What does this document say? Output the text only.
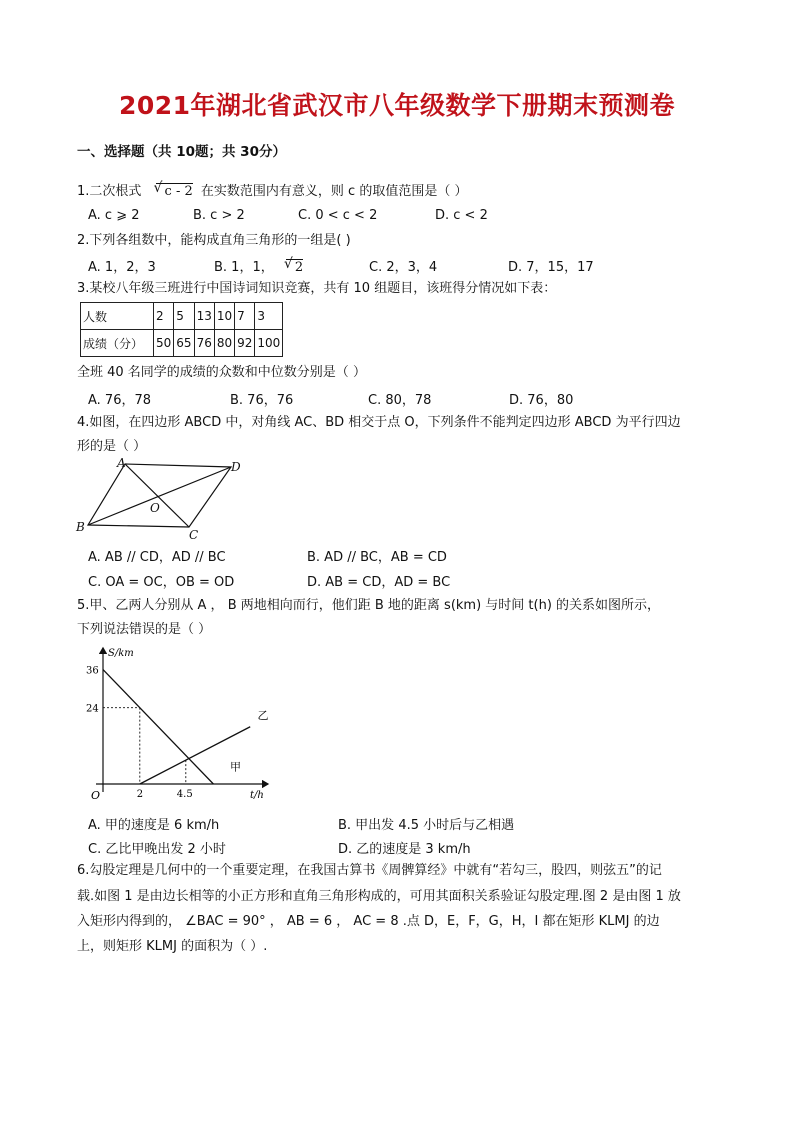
2021年湖北省武汉市八年级数学下册期末预测卷
一、选择题（共 10题；共 30分）
1.二次根式 √ c - 2 在实数范围内有意义，则 c 的取值范围是（ ）
A. c ⩾ 2	B. c > 2	C. 0 < c < 2	D. c < 2
2.下列各组数中，能构成直角三角形的一组是( )
A. 1，2，3	B. 1，1， √ 2	C. 2，3，4	D. 7，15，17
3.某校八年级三班进行中国诗词知识竞赛，共有 10 组题目，该班得分情况如下表：
人数	2	5	13	10	7	3
成绩（分）	50	65	76	80	92	100
全班 40 名同学的成绩的众数和中位数分别是（ ）
A. 76，78	B. 76，76	C. 80，78	D. 76，80
4.如图，在四边形 ABCD 中，对角线 AC、BD 相交于点 O，下列条件不能判定四边形 ABCD 为平行四边
形的是（ ）
A	D
B
C
O
A. AB // CD，AD // BC	B. AD // BC，AB = CD
C. OA = OC，OB = OD	D. AB = CD，AD = BC
5.甲、乙两人分别从 A ， B 两地相向而行，他们距 B 地的距离 s(km) 与时间 t(h) 的关系如图所示，
下列说法错误的是（ ）
S/km
t/h
O
甲
乙
36
24
2	4.5
A. 甲的速度是 6 km/h	B. 甲出发 4.5 小时后与乙相遇
C. 乙比甲晚出发 2 小时	D. 乙的速度是 3 km/h
6.勾股定理是几何中的一个重要定理，在我国古算书《周髀算经》中就有“若勾三，股四，则弦五”的记
载.如图 1 是由边长相等的小正方形和直角三角形构成的，可用其面积关系验证勾股定理.图 2 是由图 1 放
入矩形内得到的， ∠BAC = 90° ， AB = 6 ， AC = 8 .点 D，E，F，G，H，I 都在矩形 KLMJ 的边
上，则矩形 KLMJ 的面积为（ ）.
